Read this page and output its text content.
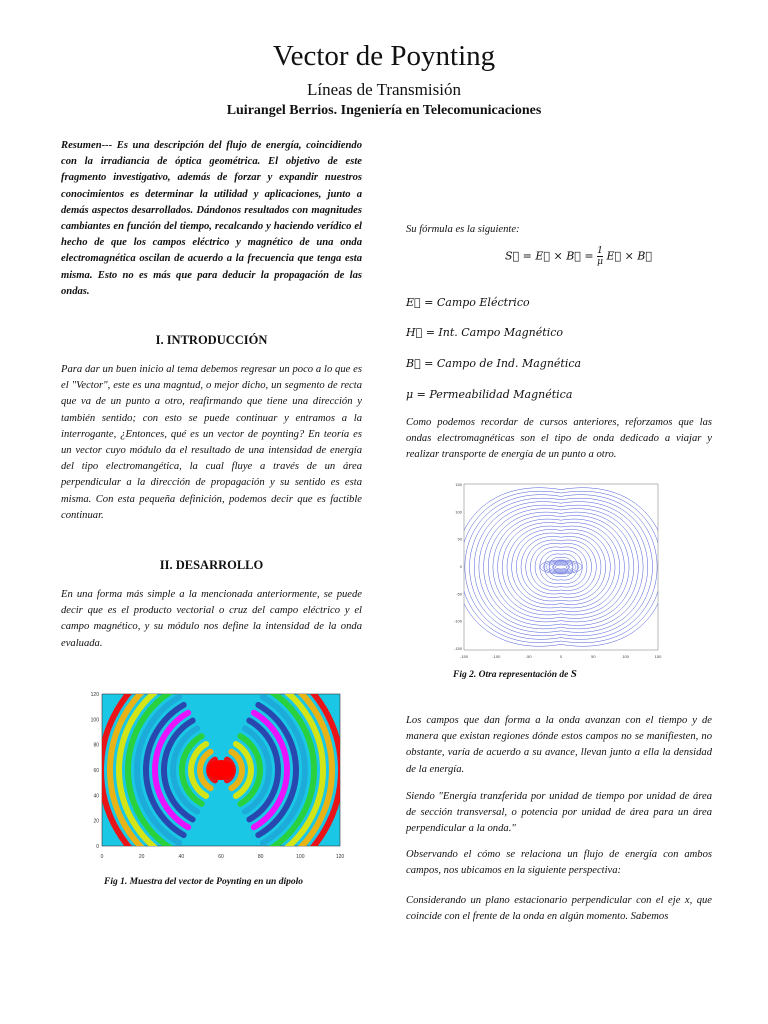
Vector de Poynting
Líneas de Transmisión
Luirangel Berrios. Ingeniería en Telecomunicaciones
Resumen--- Es una descripción del flujo de energía, coincidiendo con la irradiancia de óptica geométrica. El objetivo de este fragmento investigativo, además de forzar y expandir nuestros conocimientos es determinar la utilidad y aplicaciones, junto a demás aspectos desarrollados. Dándonos resultados con magnitudes cambiantes en función del tiempo, recalcando y haciendo verídico el hecho de que los campos eléctrico y magnético de una onda electromagnética oscilan de acuerdo a la frecuencia que tenga esta misma. Esto no es más que para deducir la propagación de las ondas.
I. INTRODUCCIÓN
Para dar un buen inicio al tema debemos regresar un poco a lo que es el "Vector", este es una magntud, o mejor dicho, un segmento de recta que va de un punto a otro, reafirmando que tiene una dirección y también sentido; con esto se puede continuar y entramos a la interrogante, ¿Entonces, qué es un vector de poynting? En teoría es un vector cuyo módulo da el resultado de una intensidad de energía del tipo electromangética, la cual fluye a través de un área perpendicular a la dirección de propagación y su sentido es esta misma. Con esta pequeña definición, podemos decir que es factible continuar.
II. DESARROLLO
En una forma más simple a la mencionada anteriormente, se puede decir que es el producto vectorial o cruz del campo eléctrico y el campo magnético, y su módulo nos define la intensidad de la onda evaluada.
0	20	40	60	80	100	120
120
100
80
60
40
20
0
Fig 1. Muestra del vector de Poynting en un dipolo
Su fórmula es la siguiente:
S⃗ = E⃗ × B⃗ = $\frac{1}{\mu}$ E⃗ × B⃗
E⃗ = Campo Eléctrico
H⃗ = Int. Campo Magnético
B⃗ = Campo de Ind. Magnética
μ = Permeabilidad Magnética
Como podemos recordar de cursos anteriores, reforzamos que las ondas electromagnéticas son el tipo de onda dedicado a viajar y realizar transporte de energía de un punto a otro.
-150	-100	-50	0	50	100	150
150
100
50
0
-50
-100
-150
Fig 2. Otra representación de S⃗
Los campos que dan forma a la onda avanzan con el tiempo y de manera que existan regiones dónde estos campos no se manifiesten, no obstante, varía de acuerdo a su avance, llevan junto a ella la densidad de la energía.
Siendo "Energía tranzferida por unidad de tiempo por unidad de área de sección transversal, o potencia por unidad de área para un área perpendicular a la onda."
Observando el cómo se relaciona un flujo de energía con ambos campos, nos ubicamos en la siguiente perspectiva:
Considerando un plano estacionario perpendicular con el eje x, que coincide con el frente de la onda en algún momento. Sabemos
